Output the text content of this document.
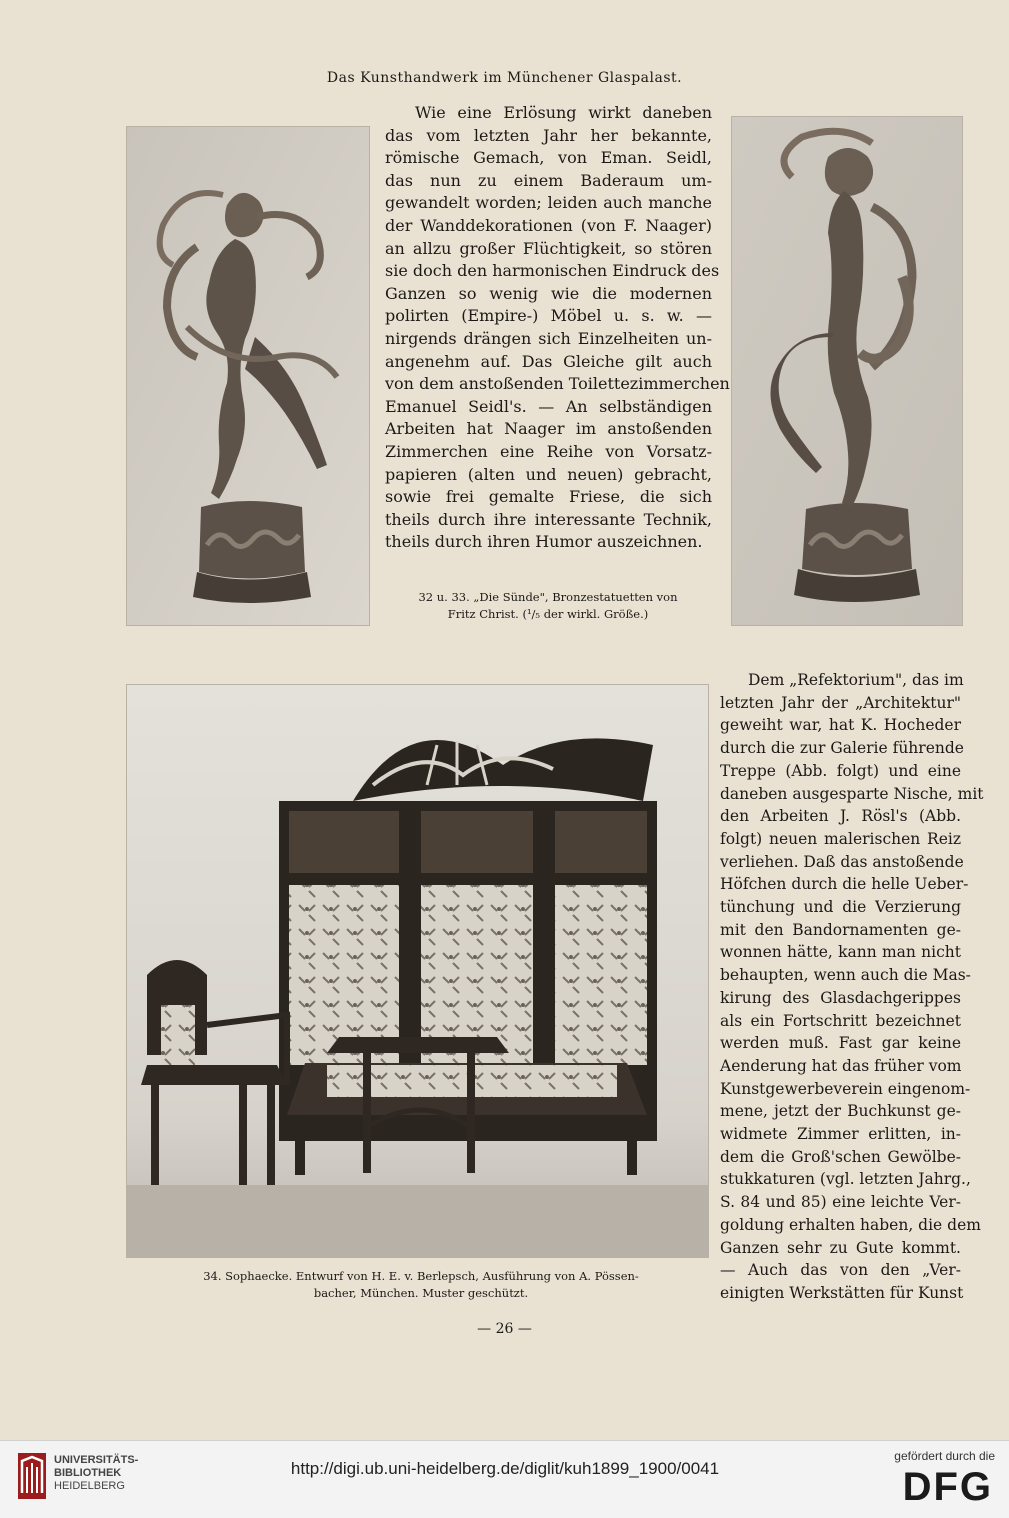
Das Kunsthandwerk im Münchener Glaspalast.
Wie eine Erlösung wirkt daneben
das vom letzten Jahr her bekannte,
römische Gemach, von Eman. Seidl,
das nun zu einem Baderaum um-
gewandelt worden; leiden auch manche
der Wanddekorationen (von F. Naager)
an allzu großer Flüchtigkeit, so stören
sie doch den harmonischen Eindruck des
Ganzen so wenig wie die modernen
polirten (Empire-) Möbel u. s. w. —
nirgends drängen sich Einzelheiten un-
angenehm auf. Das Gleiche gilt auch
von dem anstoßenden Toilettezimmerchen
Emanuel Seidl's. — An selbständigen
Arbeiten hat Naager im anstoßenden
Zimmerchen eine Reihe von Vorsatz-
papieren (alten und neuen) gebracht,
sowie frei gemalte Friese, die sich
theils durch ihre interessante Technik,
theils durch ihren Humor auszeichnen.
32 u. 33. „Die Sünde", Bronzestatuetten von
Fritz Christ. (¹/₅ der wirkl. Größe.)
Dem „Refektorium", das im
letzten Jahr der „Architektur"
geweiht war, hat K. Hocheder
durch die zur Galerie führende
Treppe (Abb. folgt) und eine
daneben ausgesparte Nische, mit
den Arbeiten J. Rösl's (Abb.
folgt) neuen malerischen Reiz
verliehen. Daß das anstoßende
Höfchen durch die helle Ueber-
tünchung und die Verzierung
mit den Bandornamenten ge-
wonnen hätte, kann man nicht
behaupten, wenn auch die Mas-
kirung des Glasdachgerippes
als ein Fortschritt bezeichnet
werden muß. Fast gar keine
Aenderung hat das früher vom
Kunstgewerbeverein eingenom-
mene, jetzt der Buchkunst ge-
widmete Zimmer erlitten, in-
dem die Groß'schen Gewölbe-
stukkaturen (vgl. letzten Jahrg.,
S. 84 und 85) eine leichte Ver-
goldung erhalten haben, die dem
Ganzen sehr zu Gute kommt.
— Auch das von den „Ver-
einigten Werkstätten für Kunst
34. Sophaecke. Entwurf von H. E. v. Berlepsch, Ausführung von A. Pössen-
bacher, München. Muster geschützt.
— 26 —
UNIVERSITÄTS-
BIBLIOTHEK
HEIDELBERG
http://digi.ub.uni-heidelberg.de/diglit/kuh1899_1900/0041
gefördert durch die
DFG
